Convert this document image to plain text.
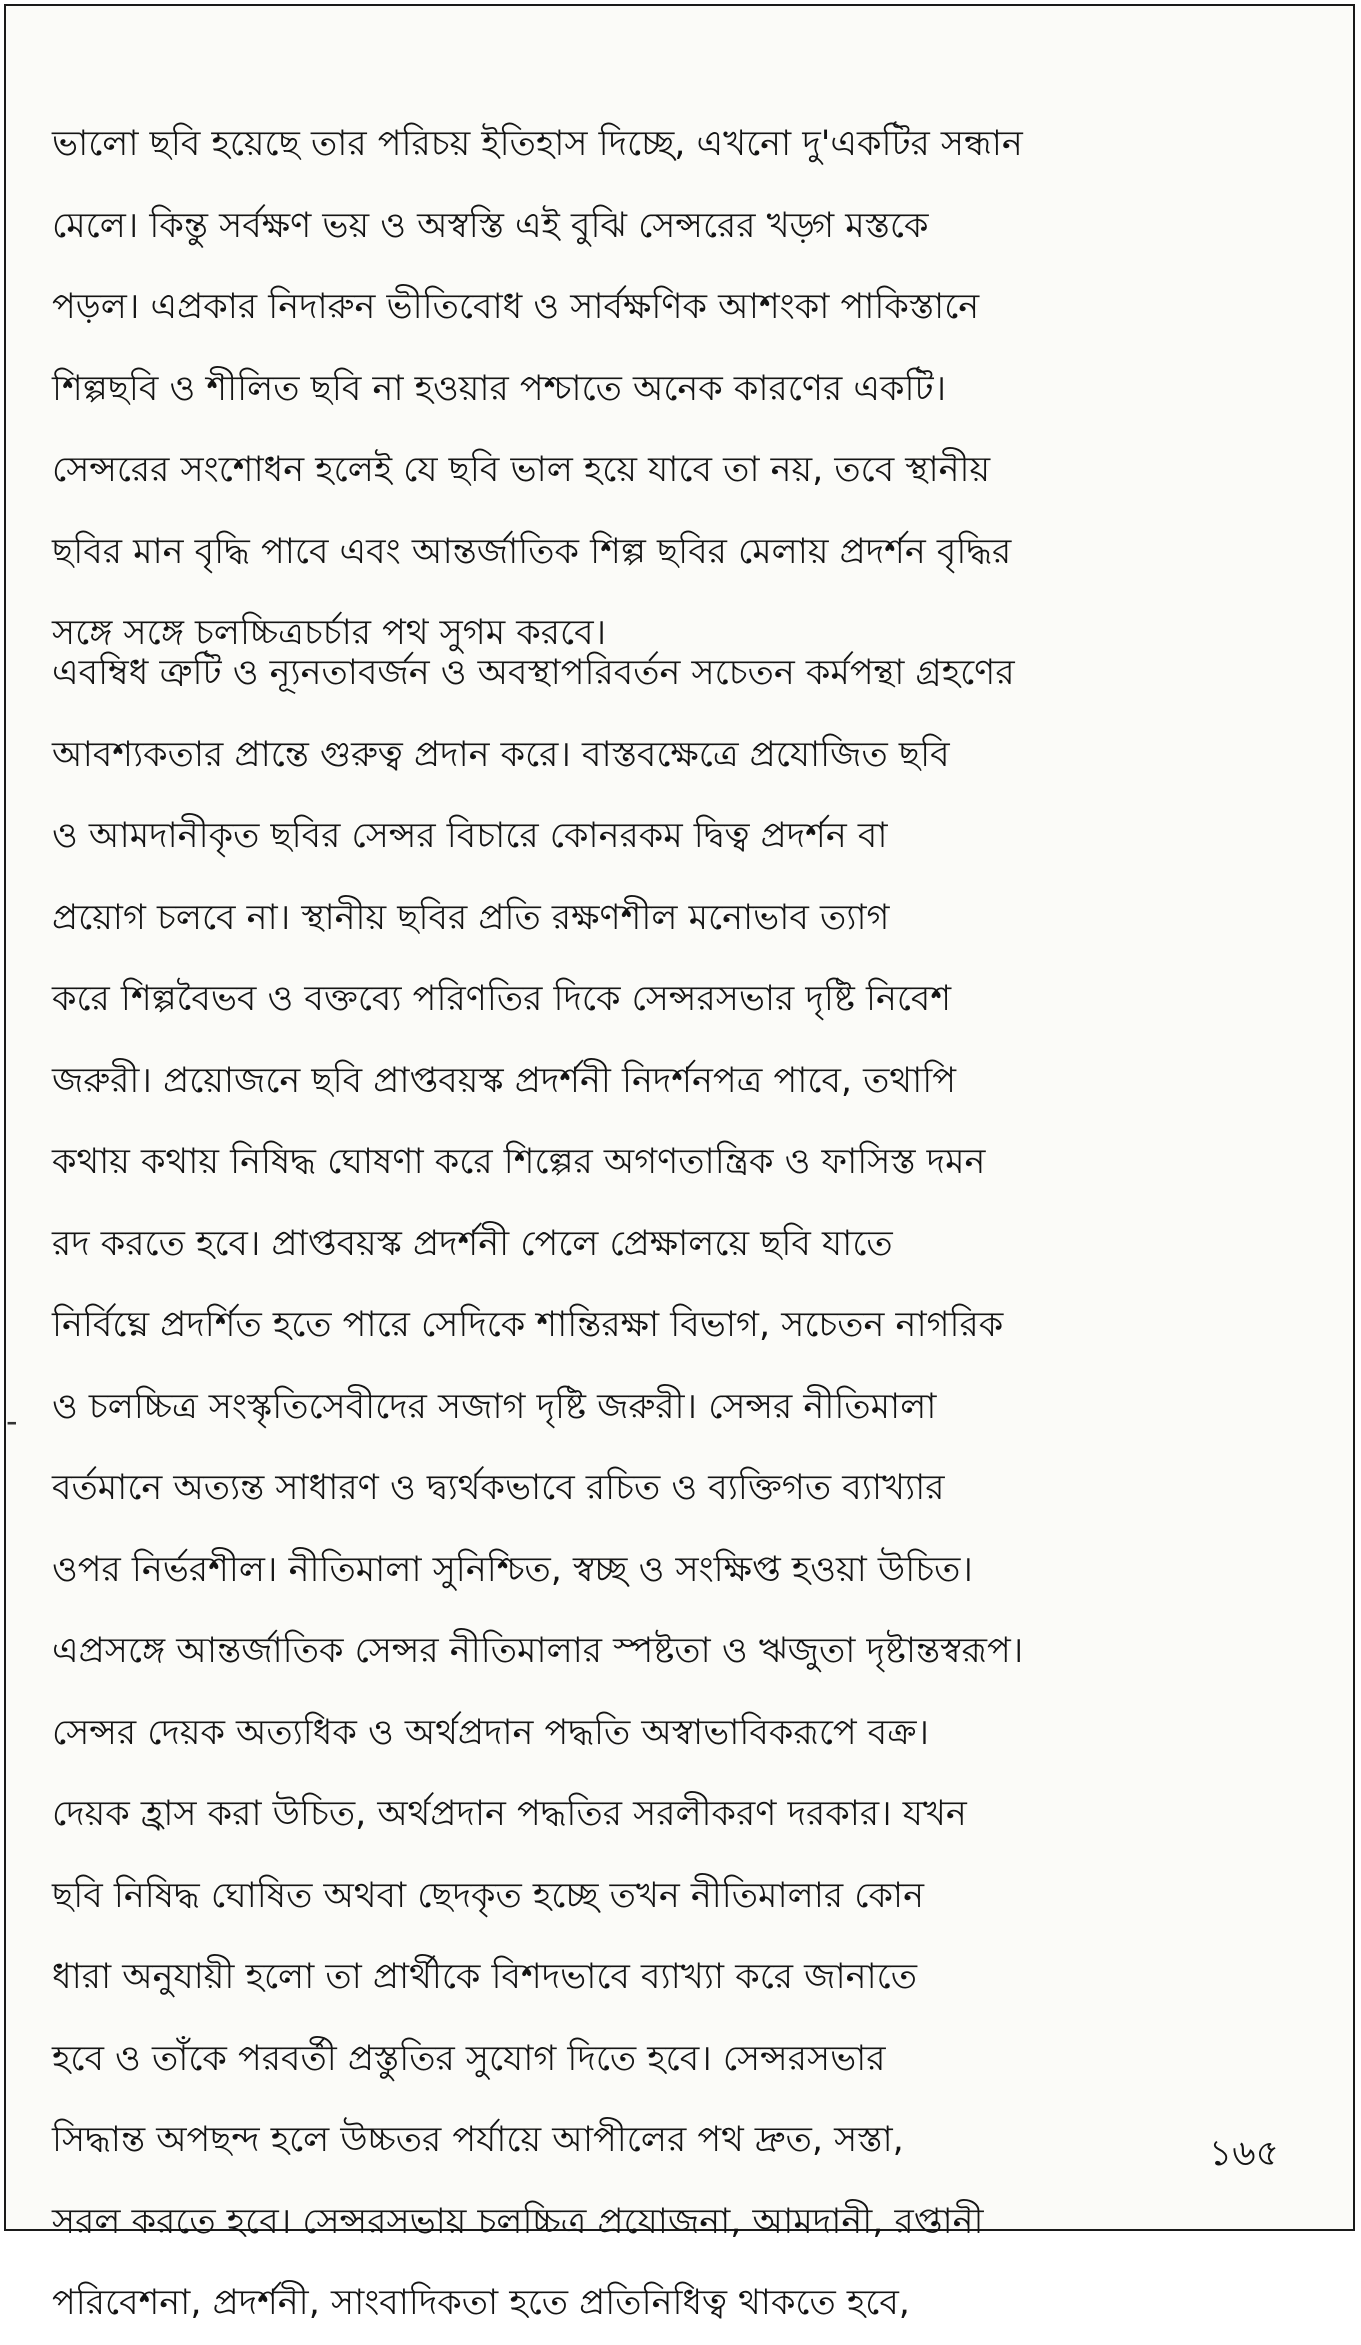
ভালো ছবি হয়েছে তার পরিচয় ইতিহাস দিচ্ছে, এখনো দু'একটির সন্ধান
মেলে। কিন্তু সর্বক্ষণ ভয় ও অস্বস্তি এই বুঝি সেন্সরের খড়্গ মস্তকে
পড়ল। এপ্রকার নিদারুন ভীতিবোধ ও সার্বক্ষণিক আশংকা পাকিস্তানে
শিল্পছবি ও শীলিত ছবি না হওয়ার পশ্চাতে অনেক কারণের একটি।
সেন্সরের সংশোধন হলেই যে ছবি ভাল হয়ে যাবে তা নয়, তবে স্থানীয়
ছবির মান বৃদ্ধি পাবে এবং আন্তর্জাতিক শিল্প ছবির মেলায় প্রদর্শন বৃদ্ধির
সঙ্গে সঙ্গে চলচ্চিত্রচর্চার পথ সুগম করবে।
এবম্বিধ ত্রুটি ও ন্যূনতাবর্জন ও অবস্থাপরিবর্তন সচেতন কর্মপন্থা গ্রহণের
আবশ্যকতার প্রান্তে গুরুত্ব প্রদান করে। বাস্তবক্ষেত্রে প্রযোজিত ছবি
ও আমদানীকৃত ছবির সেন্সর বিচারে কোনরকম দ্বিত্ব প্রদর্শন বা
প্রয়োগ চলবে না। স্থানীয় ছবির প্রতি রক্ষণশীল মনোভাব ত্যাগ
করে শিল্পবৈভব ও বক্তব্যে পরিণতির দিকে সেন্সরসভার দৃষ্টি নিবেশ
জরুরী। প্রয়োজনে ছবি প্রাপ্তবয়স্ক প্রদর্শনী নিদর্শনপত্র পাবে, তথাপি
কথায় কথায় নিষিদ্ধ ঘোষণা করে শিল্পের অগণতান্ত্রিক ও ফাসিস্ত দমন
রদ করতে হবে। প্রাপ্তবয়স্ক প্রদর্শনী পেলে প্রেক্ষালয়ে ছবি যাতে
নির্বিঘ্নে প্রদর্শিত হতে পারে সেদিকে শান্তিরক্ষা বিভাগ, সচেতন নাগরিক
ও চলচ্চিত্র সংস্কৃতিসেবীদের সজাগ দৃষ্টি জরুরী। সেন্সর নীতিমালা
বর্তমানে অত্যন্ত সাধারণ ও দ্ব্যর্থকভাবে রচিত ও ব্যক্তিগত ব্যাখ্যার
ওপর নির্ভরশীল। নীতিমালা সুনিশ্চিত, স্বচ্ছ ও সংক্ষিপ্ত হওয়া উচিত।
এপ্রসঙ্গে আন্তর্জাতিক সেন্সর নীতিমালার স্পষ্টতা ও ঋজুতা দৃষ্টান্তস্বরূপ।
সেন্সর দেয়ক অত্যধিক ও অর্থপ্রদান পদ্ধতি অস্বাভাবিকরূপে বক্র।
দেয়ক হ্রাস করা উচিত, অর্থপ্রদান পদ্ধতির সরলীকরণ দরকার। যখন
ছবি নিষিদ্ধ ঘোষিত অথবা ছেদকৃত হচ্ছে তখন নীতিমালার কোন
ধারা অনুযায়ী হলো তা প্রার্থীকে বিশদভাবে ব্যাখ্যা করে জানাতে
হবে ও তাঁকে পরবর্তী প্রস্তুতির সুযোগ দিতে হবে। সেন্সরসভার
সিদ্ধান্ত অপছন্দ হলে উচ্চতর পর্যায়ে আপীলের পথ দ্রুত, সস্তা,
সরল করতে হবে। সেন্সরসভায় চলচ্চিত্র প্রযোজনা, আমদানী, রপ্তানী
পরিবেশনা, প্রদর্শনী, সাংবাদিকতা হতে প্রতিনিধিত্ব থাকতে হবে,
-
১৬৫
